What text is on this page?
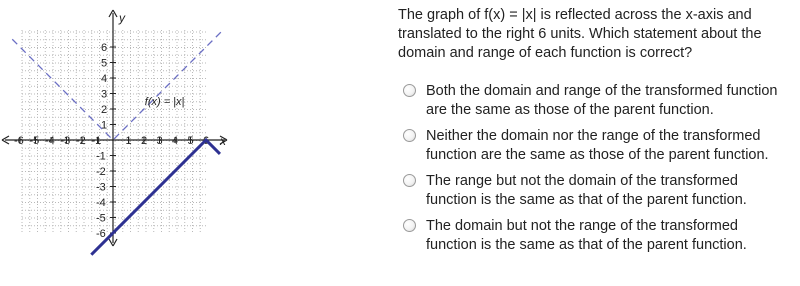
y
x
-6 -5 -4 -3 -2 -1 1 2 3 4 5 6
6
5
4
3
2
1
-1
-2
-3
-4
-5
-6
f(x) = |x|
The graph of f(x) = |x| is reflected across the x-axis and translated to the right 6 units. Which statement about the domain and range of each function is correct?
Both the domain and range of the transformed function are the same as those of the parent function.
Neither the domain nor the range of the transformed function are the same as those of the parent function.
The range but not the domain of the transformed function is the same as that of the parent function.
The domain but not the range of the transformed function is the same as that of the parent function.
